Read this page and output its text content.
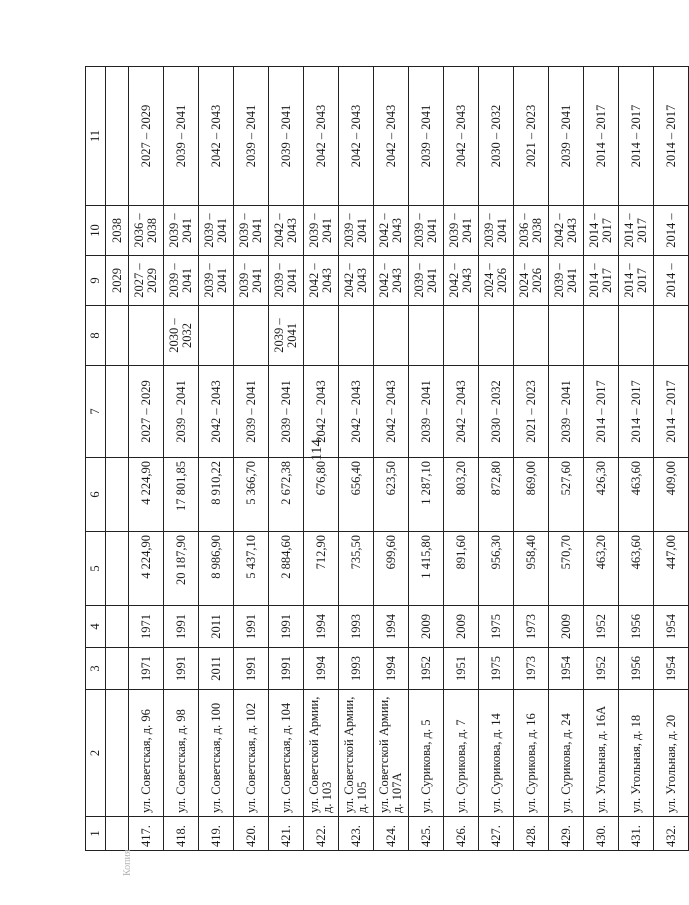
114
1	2	3	4	5	6	7	8	9	10	11
								2029	2038	
417.	ул. Советская, д. 96	1971	1971	4 224,90	4 224,90	2027 – 2029		2027 – 2029	2036 – 2038	2027 – 2029
418.	ул. Советская, д. 98	1991	1991	20 187,90	17 801,85	2039 – 2041	2030 – 2032	2039 – 2041	2039 – 2041	2039 – 2041
419.	ул. Советская, д. 100	2011	2011	8 986,90	8 910,22	2042 – 2043		2039 – 2041	2039 – 2041	2042 – 2043
420.	ул. Советская, д. 102	1991	1991	5 437,10	5 366,70	2039 – 2041		2039 – 2041	2039 – 2041	2039 – 2041
421.	ул. Советская, д. 104	1991	1991	2 884,60	2 672,38	2039 – 2041	2039 – 2041	2039 – 2041	2042 – 2043	2039 – 2041
422.	ул. Советской Армии, д. 103	1994	1994	712,90	676,80	2042 – 2043		2042 – 2043	2039 – 2041	2042 – 2043
423.	ул. Советской Армии, д. 105	1993	1993	735,50	656,40	2042 – 2043		2042 – 2043	2039 – 2041	2042 – 2043
424.	ул. Советской Армии, д. 107А	1994	1994	699,60	623,50	2042 – 2043		2042 – 2043	2042 – 2043	2042 – 2043
425.	ул. Сурикова, д. 5	1952	2009	1 415,80	1 287,10	2039 – 2041		2039 – 2041	2039 – 2041	2039 – 2041
426.	ул. Сурикова, д. 7	1951	2009	891,60	803,20	2042 – 2043		2042 – 2043	2039 – 2041	2042 – 2043
427.	ул. Сурикова, д. 14	1975	1975	956,30	872,80	2030 – 2032		2024 – 2026	2039 – 2041	2030 – 2032
428.	ул. Сурикова, д. 16	1973	1973	958,40	869,00	2021 – 2023		2024 – 2026	2036 – 2038	2021 – 2023
429.	ул. Сурикова, д. 24	1954	2009	570,70	527,60	2039 – 2041		2039 – 2041	2042 – 2043	2039 – 2041
430.	ул. Угольная, д. 16А	1952	1952	463,20	426,30	2014 – 2017		2014 – 2017	2014 – 2017	2014 – 2017
431.	ул. Угольная, д. 18	1956	1956	463,60	463,60	2014 – 2017		2014 – 2017	2014 – 2017	2014 – 2017
432.	ул. Угольная, д. 20	1954	1954	447,00	409,00	2014 – 2017		2014 –	2014 –	2014 – 2017
Копия
